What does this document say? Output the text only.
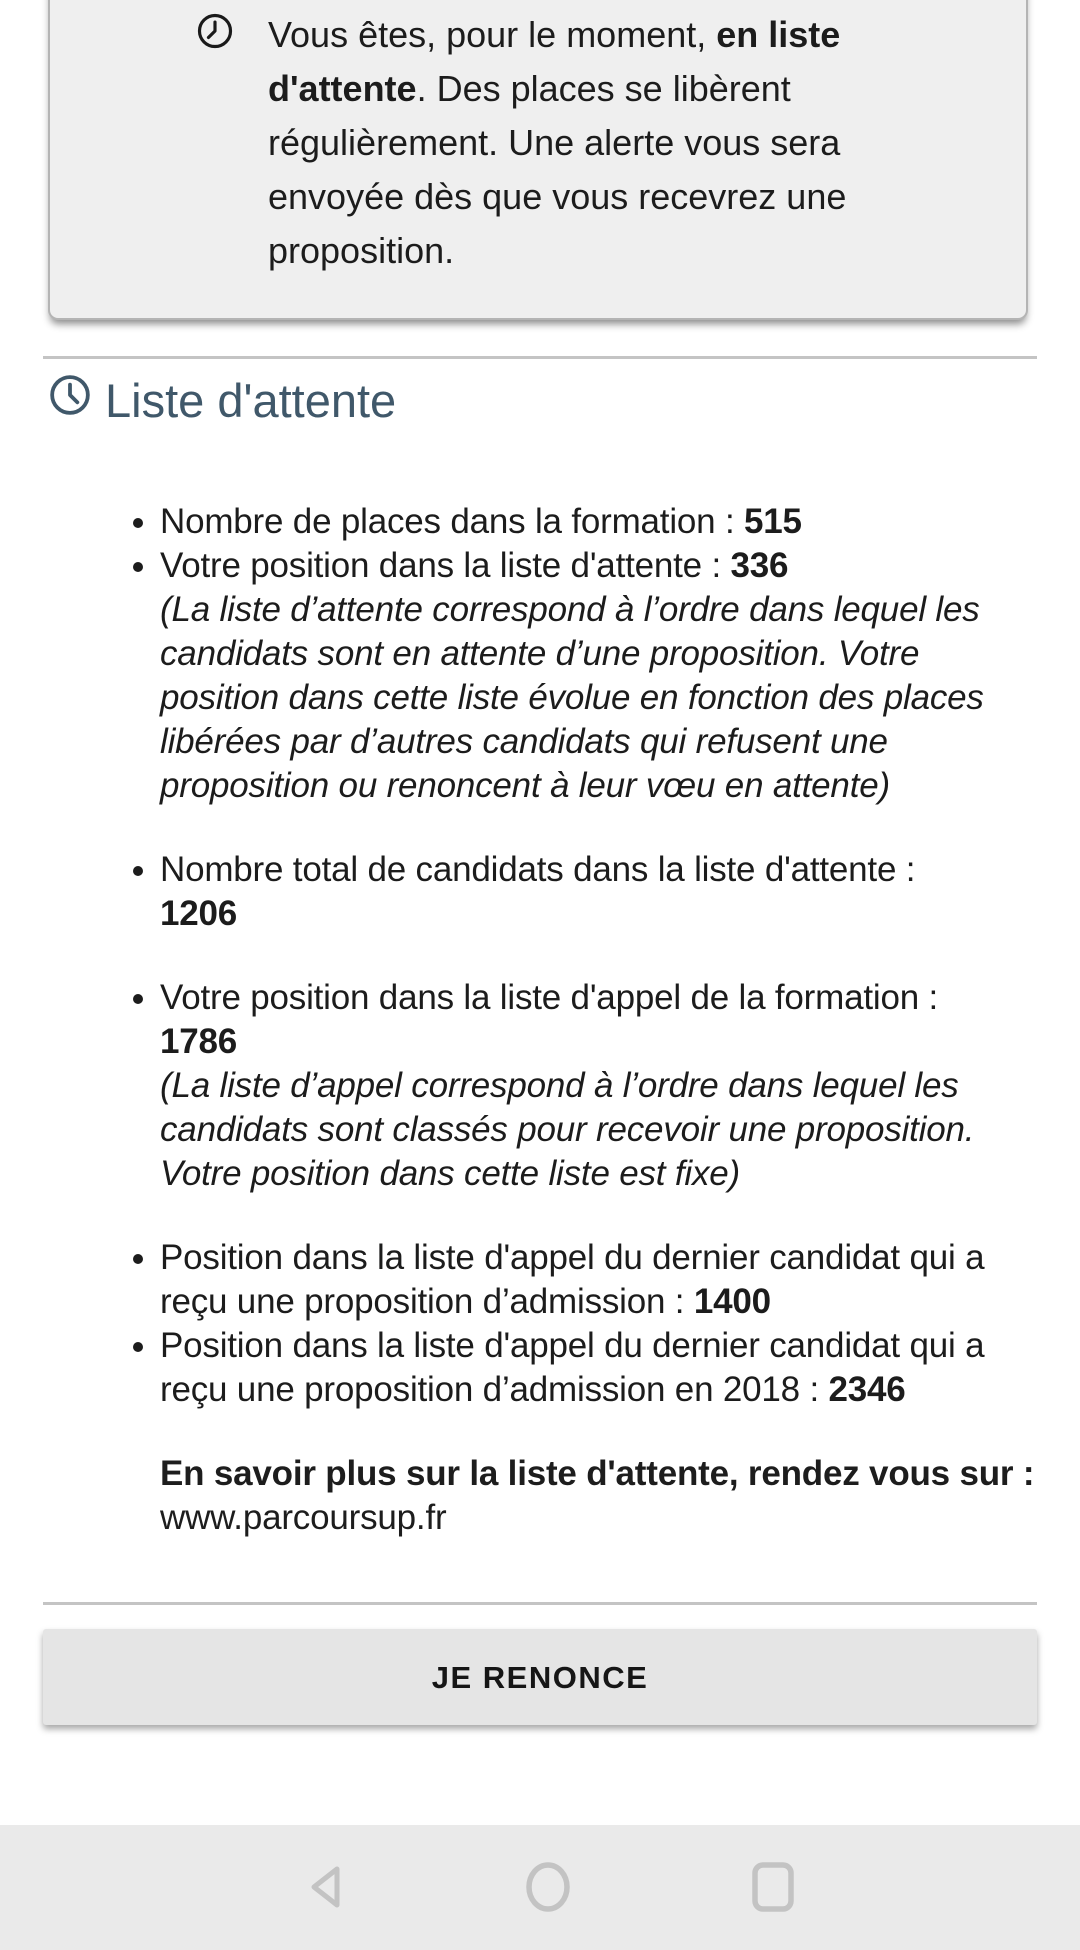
Vous êtes, pour le moment, en liste d'attente. Des places se libèrent régulièrement. Une alerte vous sera envoyée dès que vous recevrez une proposition.

Liste d'attente
• Nombre de places dans la formation : 515
• Votre position dans la liste d'attente : 336
(La liste d’attente correspond à l’ordre dans lequel les candidats sont en attente d’une proposition. Votre position dans cette liste évolue en fonction des places libérées par d’autres candidats qui refusent une proposition ou renoncent à leur vœu en attente)
• Nombre total de candidats dans la liste d'attente :
1206
• Votre position dans la liste d'appel de la formation :
1786
(La liste d’appel correspond à l’ordre dans lequel les candidats sont classés pour recevoir une proposition. Votre position dans cette liste est fixe)
• Position dans la liste d'appel du dernier candidat qui a reçu une proposition d’admission : 1400
• Position dans la liste d'appel du dernier candidat qui a reçu une proposition d’admission en 2018 : 2346

En savoir plus sur la liste d'attente, rendez vous sur :
www.parcoursup.fr

JE RENONCE
